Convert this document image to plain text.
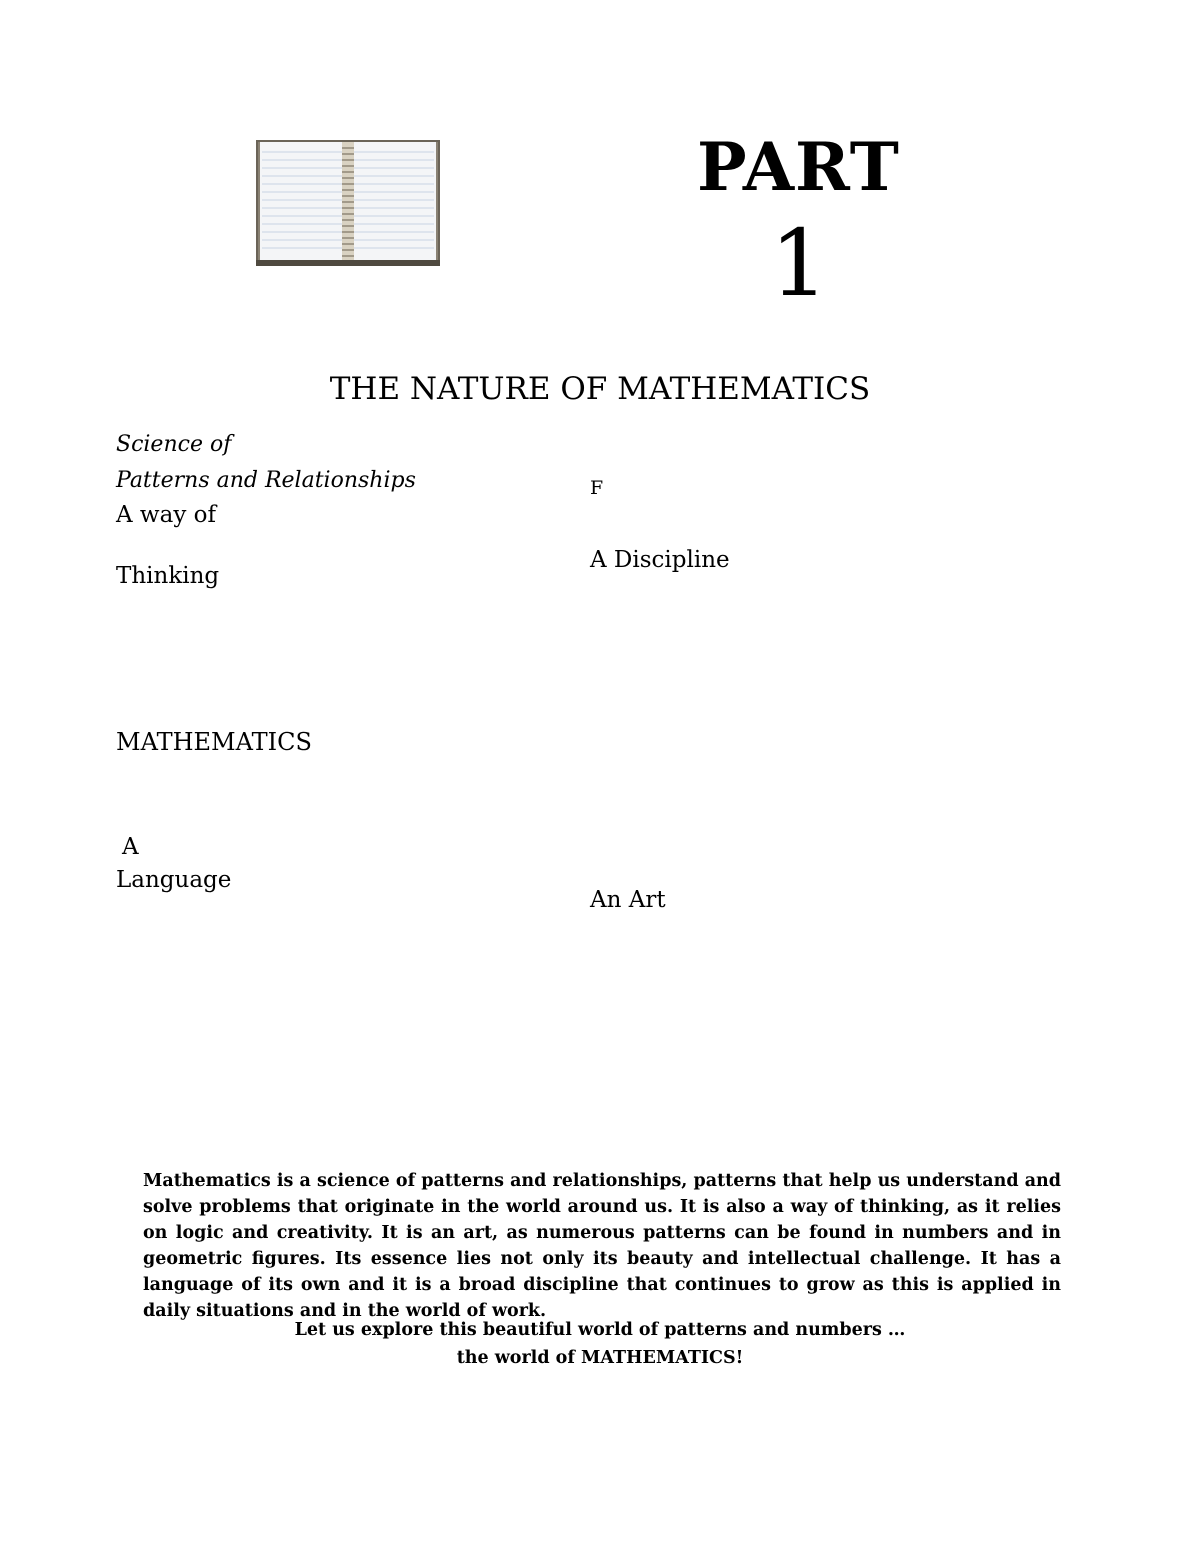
PART
1
THE NATURE OF MATHEMATICS
Science of
Patterns and Relationships
A way of
Thinking
F
A Discipline
MATHEMATICS
A
Language
An Art

Mathematics is a science of patterns and relationships, patterns that help us understand and solve problems that originate in the world around us. It is also a way of thinking, as it relies on logic and creativity. It is an art, as numerous patterns can be found in numbers and in geometric figures. Its essence lies not only its beauty and intellectual challenge. It has a language of its own and it is a broad discipline that continues to grow as this is applied in daily situations and in the world of work.

Let us explore this beautiful world of patterns and numbers …
the world of MATHEMATICS!
